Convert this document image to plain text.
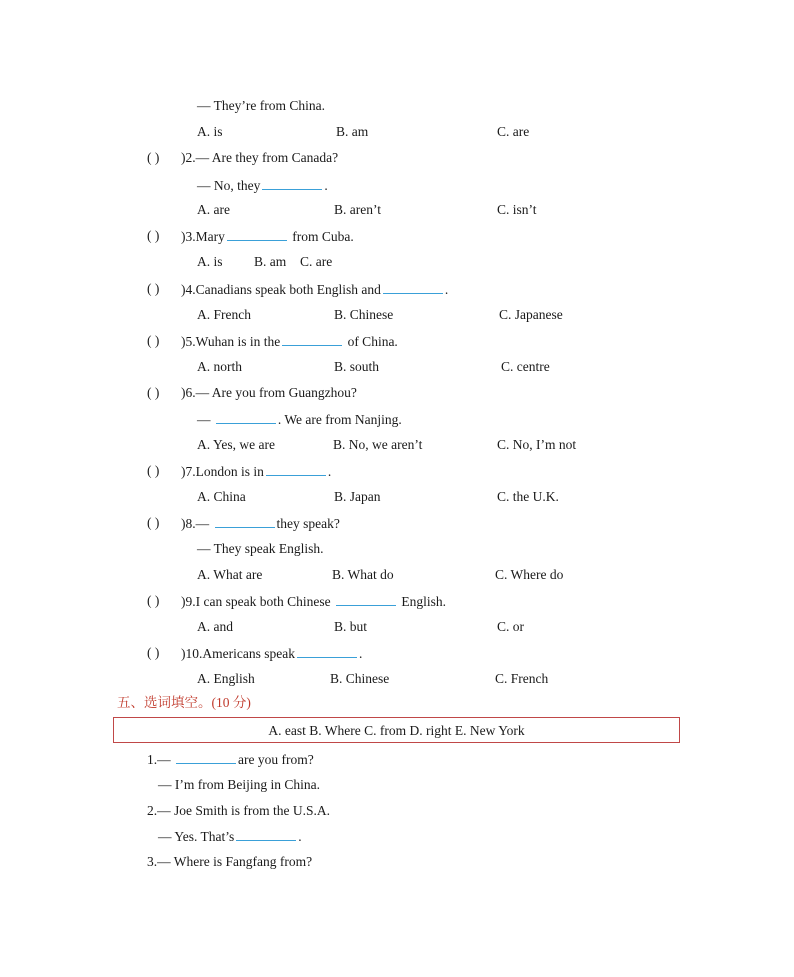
— They’re from China.
A. is	B. am	C. are
( ) )2.— Are they from Canada?
— No, they	.
A. are	B. aren’t	C. isn’t
( ) )3.Mary	from Cuba.
A. is B. am C. are
( ) )4.Canadians speak both English and	.
A. French	B. Chinese	C. Japanese
( ) )5.Wuhan is in the	of China.
A. north	B. south	C. centre
( ) )6.— Are you from Guangzhou?
—	. We are from Nanjing.
A. Yes, we are	B. No, we aren’t	C. No, I’m not
( ) )7.London is in	.
A. China	B. Japan	C. the U.K.
( ) )8.—	they speak?
— They speak English.
A. What are	B. What do	C. Where do
( ) )9.I can speak both Chinese	English.
A. and	B. but	C. or
( ) )10.Americans speak	.
A. English	B. Chinese	C. French
五、选词填空。(10 分)
A. east B. Where C. from D. right E. New York
1.—	are you from?
— I’m from Beijing in China.
2.— Joe Smith is from the U.S.A.
— Yes. That’s	.
3.— Where is Fangfang from?
